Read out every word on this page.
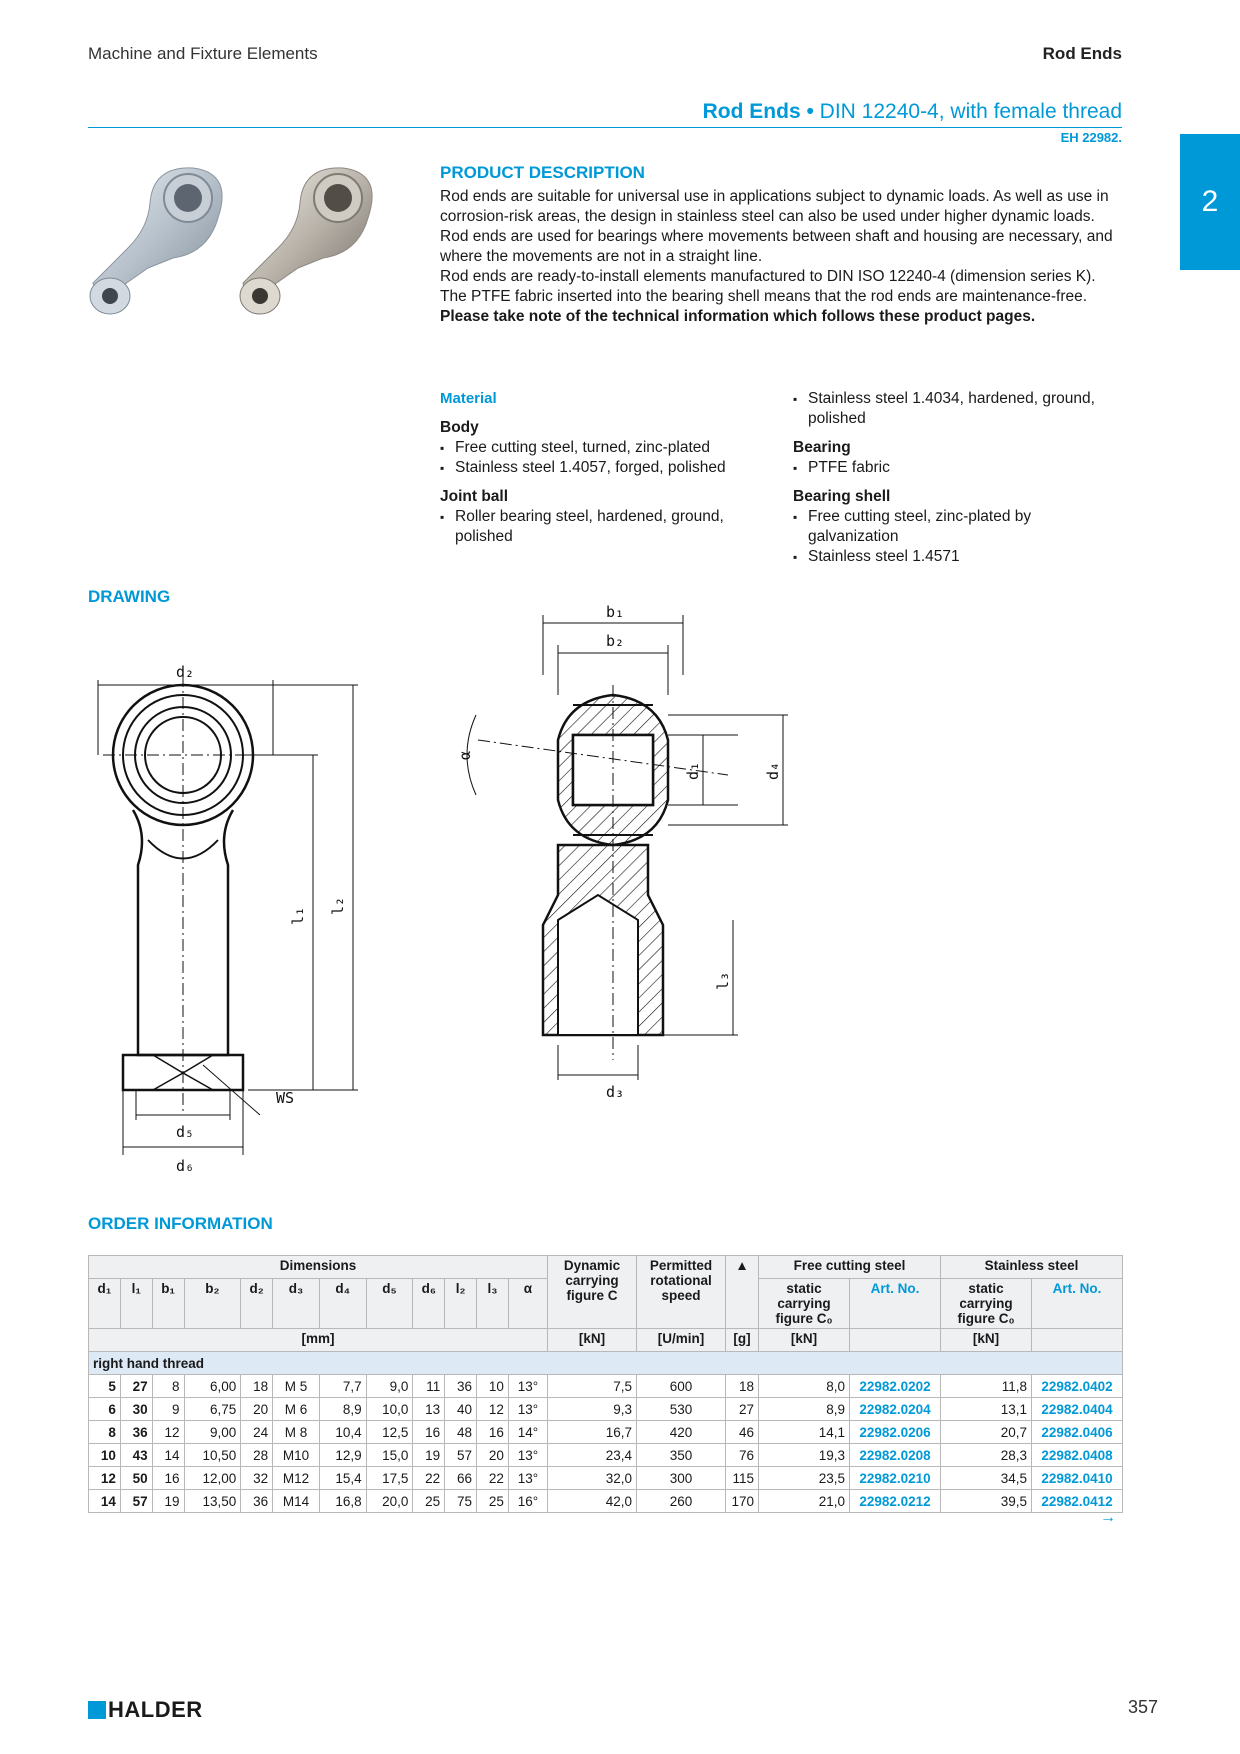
Machine and Fixture Elements	Rod Ends
Rod Ends • DIN 12240-4, with female thread
EH 22982.
2
PRODUCT DESCRIPTION

Rod ends are suitable for universal use in applications subject to dynamic loads. As well as use in corrosion-risk areas, the design in stainless steel can also be used under higher dynamic loads.

Rod ends are used for bearings where movements between shaft and housing are necessary, and where the movements are not in a straight line.

Rod ends are ready-to-install elements manufactured to DIN ISO 12240-4 (dimension series K). The PTFE fabric inserted into the bearing shell means that the rod ends are maintenance-free.

Please take note of the technical information which follows these product pages.

Material
Body
▪ Free cutting steel, turned, zinc-plated
▪ Stainless steel 1.4057, forged, polished
Joint ball
▪ Roller bearing steel, hardened, ground, polished
▪ Stainless steel 1.4034, hardened, ground, polished
Bearing
▪ PTFE fabric
Bearing shell
▪ Free cutting steel, zinc-plated by galvanization
▪ Stainless steel 1.4571
DRAWING
d₂
d₅
d₆
WS
l₁
l₂
b₁
b₂
α
d₁	d₄
l₃
d₃
ORDER INFORMATION
Dimensions												Dynamic carrying figure C	Permitted rotational speed	▲	Free cutting steel		Stainless steel	
d₁	l₁	b₁	b₂	d₂	d₃	d₄	d₅	d₆	l₂	l₃	α				static carrying figure C₀	Art. No.	static carrying figure C₀	Art. No.
[mm]												[kN]	[U/min]	[g]	[kN]		[kN]	
right hand thread																		
5	27	8	6,00	18	M 5	7,7	9,0	11	36	10	13°	7,5	600	18	8,0	22982.0202	11,8	22982.0402
6	30	9	6,75	20	M 6	8,9	10,0	13	40	12	13°	9,3	530	27	8,9	22982.0204	13,1	22982.0404
8	36	12	9,00	24	M 8	10,4	12,5	16	48	16	14°	16,7	420	46	14,1	22982.0206	20,7	22982.0406
10	43	14	10,50	28	M10	12,9	15,0	19	57	20	13°	23,4	350	76	19,3	22982.0208	28,3	22982.0408
12	50	16	12,00	32	M12	15,4	17,5	22	66	22	13°	32,0	300	115	23,5	22982.0210	34,5	22982.0410
14	57	19	13,50	36	M14	16,8	20,0	25	75	25	16°	42,0	260	170	21,0	22982.0212	39,5	22982.0412
→
HALDER	357
